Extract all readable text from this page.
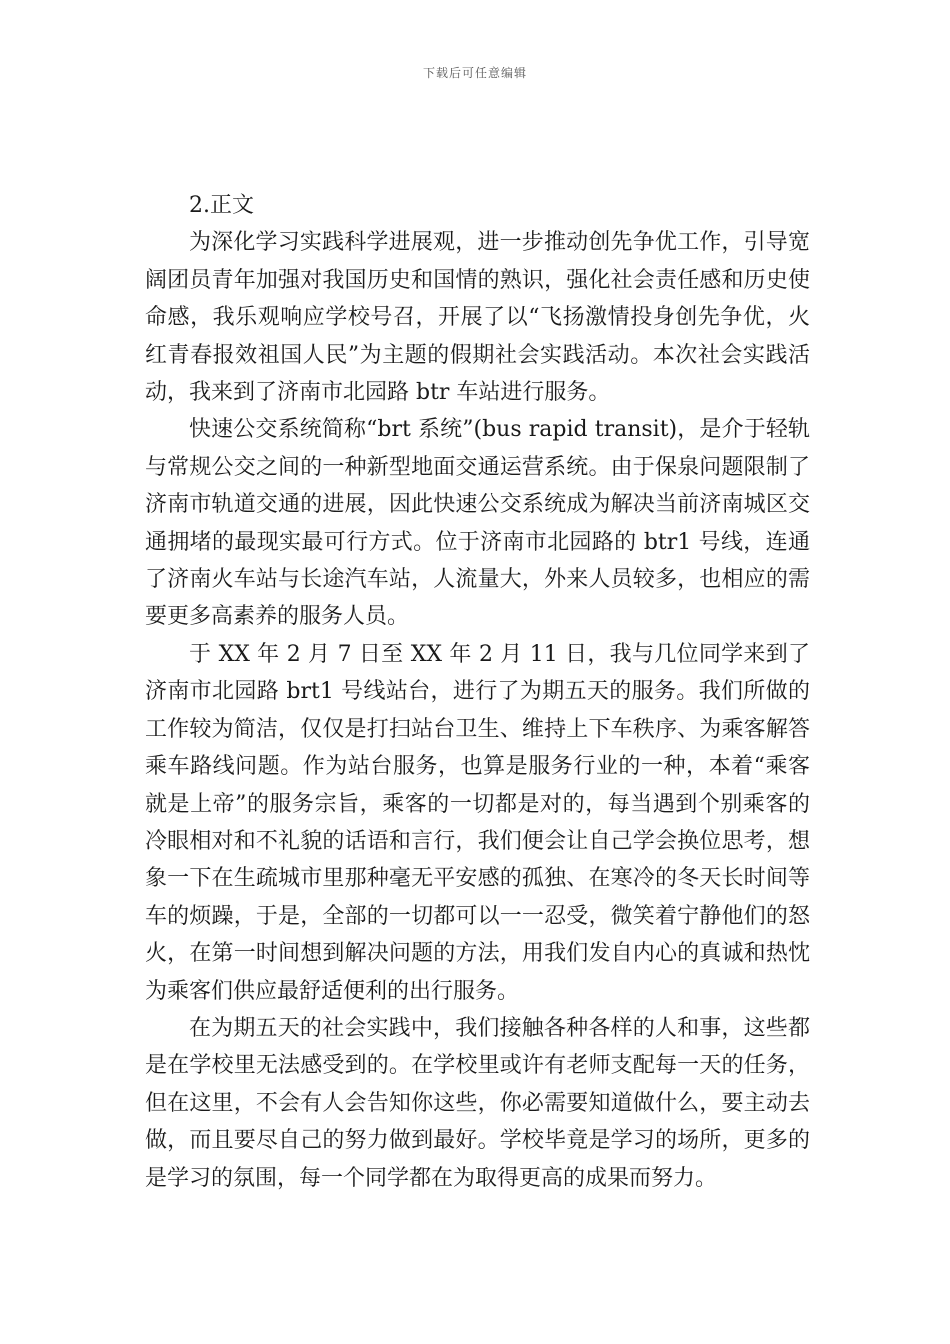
下载后可任意编辑

2.正文

为深化学习实践科学进展观，进一步推动创先争优工作，引导宽阔团员青年加强对我国历史和国情的熟识，强化社会责任感和历史使命感，我乐观响应学校号召，开展了以“飞扬激情投身创先争优，火红青春报效祖国人民”为主题的假期社会实践活动。本次社会实践活动，我来到了济南市北园路 btr 车站进行服务。

快速公交系统简称“brt 系统”(bus rapid transit)，是介于轻轨与常规公交之间的一种新型地面交通运营系统。由于保泉问题限制了济南市轨道交通的进展，因此快速公交系统成为解决当前济南城区交通拥堵的最现实最可行方式。位于济南市北园路的 btr1 号线，连通了济南火车站与长途汽车站，人流量大，外来人员较多，也相应的需要更多高素养的服务人员。

于 XX 年 2 月 7 日至 XX 年 2 月 11 日，我与几位同学来到了济南市北园路 brt1 号线站台，进行了为期五天的服务。我们所做的工作较为简洁，仅仅是打扫站台卫生、维持上下车秩序、为乘客解答乘车路线问题。作为站台服务，也算是服务行业的一种，本着“乘客就是上帝”的服务宗旨，乘客的一切都是对的，每当遇到个别乘客的冷眼相对和不礼貌的话语和言行，我们便会让自己学会换位思考，想象一下在生疏城市里那种毫无平安感的孤独、在寒冷的冬天长时间等车的烦躁，于是，全部的一切都可以一一忍受，微笑着宁静他们的怒火，在第一时间想到解决问题的方法，用我们发自内心的真诚和热忱为乘客们供应最舒适便利的出行服务。

在为期五天的社会实践中，我们接触各种各样的人和事，这些都是在学校里无法感受到的。在学校里或许有老师支配每一天的任务，但在这里，不会有人会告知你这些，你必需要知道做什么，要主动去做，而且要尽自己的努力做到最好。学校毕竟是学习的场所，更多的是学习的氛围，每一个同学都在为取得更高的成果而努力。
